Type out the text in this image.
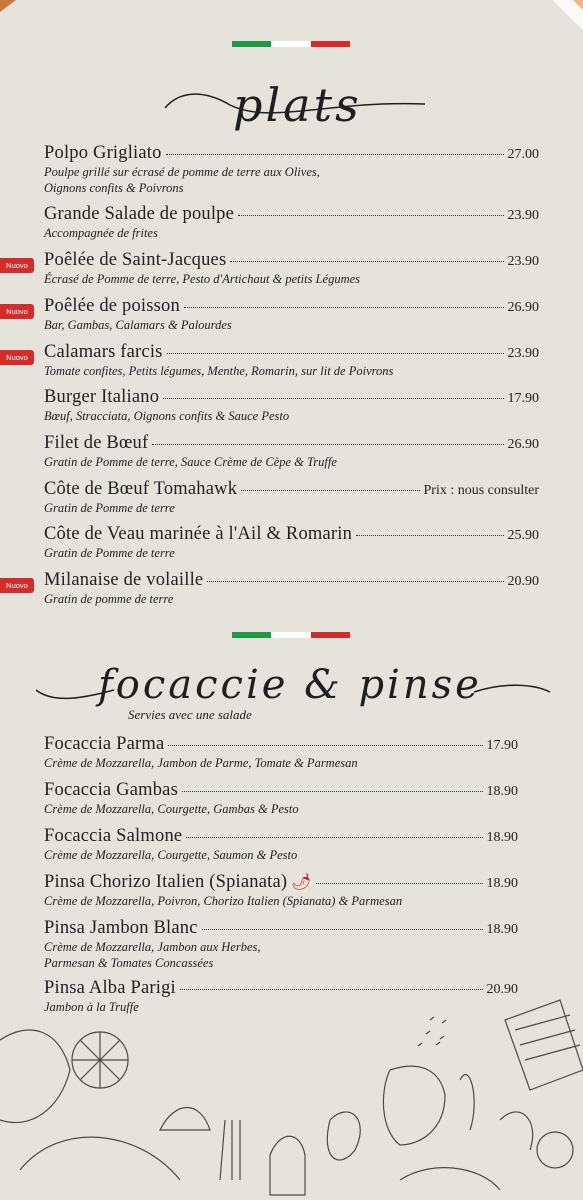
plats
focaccie & pinse
Servies avec une salade
Polpo Grigliato	27.00
Poulpe grillé sur écrasé de pomme de terre aux Olives,
Oignons confits & Poivrons
Grande Salade de poulpe	23.90
Accompagnée de frites
Nuovo Poêlée de Saint-Jacques	23.90
Écrasé de Pomme de terre, Pesto d'Artichaut & petits Légumes
Nuovo Poêlée de poisson	26.90
Bar, Gambas, Calamars & Palourdes
Nuovo Calamars farcis	23.90
Tomate confites, Petits légumes, Menthe, Romarin, sur lit de Poivrons
Burger Italiano	17.90
Bœuf, Stracciata, Oignons confits & Sauce Pesto
Filet de Bœuf	26.90
Gratin de Pomme de terre, Sauce Crème de Cèpe & Truffe
Côte de Bœuf Tomahawk	Prix : nous consulter
Gratin de Pomme de terre
Côte de Veau marinée à l'Ail & Romarin	25.90
Gratin de Pomme de terre
Nuovo Milanaise de volaille	20.90
Gratin de pomme de terre
Focaccia Parma	17.90
Crème de Mozzarella, Jambon de Parme, Tomate & Parmesan
Focaccia Gambas	18.90
Crème de Mozzarella, Courgette, Gambas & Pesto
Focaccia Salmone	18.90
Crème de Mozzarella, Courgette, Saumon & Pesto
Pinsa Chorizo Italien (Spianata) 🌶	18.90
Crème de Mozzarella, Poivron, Chorizo Italien (Spianata) & Parmesan
Pinsa Jambon Blanc	18.90
Crème de Mozzarella, Jambon aux Herbes,
Parmesan & Tomates Concassées
Pinsa Alba Parigi	20.90
Jambon à la Truffe
